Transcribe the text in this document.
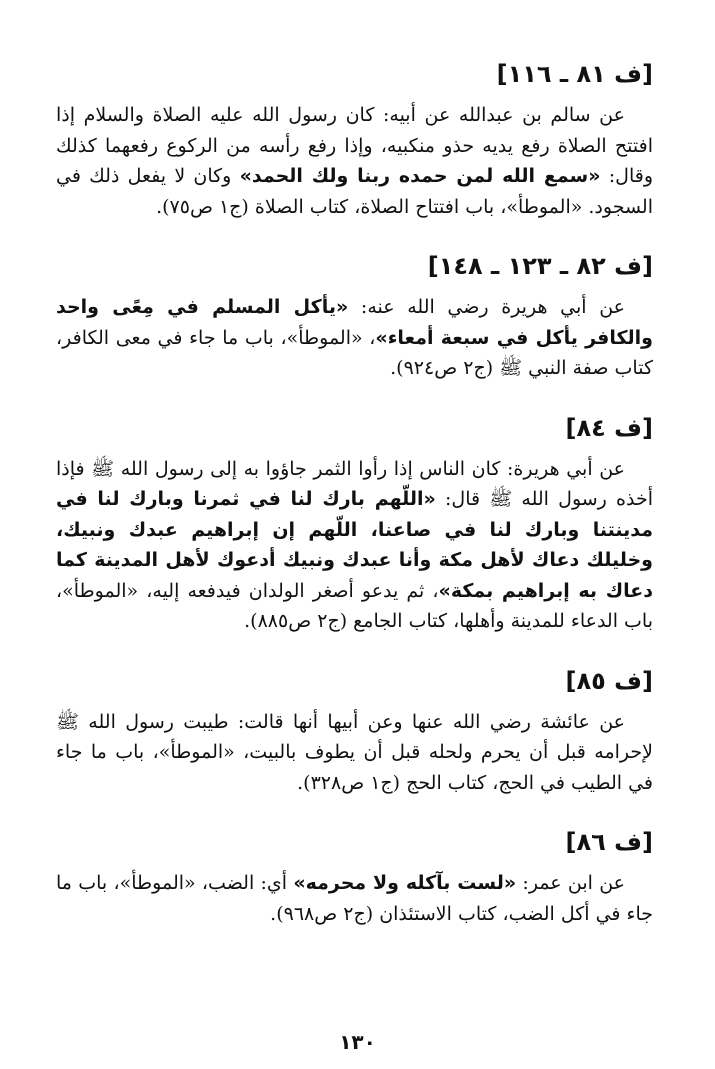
[ف ٨١ ـ ١١٦]

عن سالم بن عبدالله عن أبيه: كان رسول الله عليه الصلاة والسلام إذا افتتح الصلاة رفع يديه حذو منكبيه، وإذا رفع رأسه من الركوع رفعهما كذلك وقال: «سمع الله لمن حمده ربنا ولك الحمد» وكان لا يفعل ذلك في السجود. «الموطأ»، باب افتتاح الصلاة، كتاب الصلاة (ج١ ص٧٥).

[ف ٨٢ ـ ١٢٣ ـ ١٤٨]

عن أبي هريرة رضي الله عنه: «يأكل المسلم في مِعًى واحد والكافر يأكل في سبعة أمعاء»، «الموطأ»، باب ما جاء في معى الكافر، كتاب صفة النبي ﷺ (ج٢ ص٩٢٤).

[ف ٨٤]

عن أبي هريرة: كان الناس إذا رأوا الثمر جاؤوا به إلى رسول الله ﷺ فإذا أخذه رسول الله ﷺ قال: «اللّهم بارك لنا في ثمرنا وبارك لنا في مدينتنا وبارك لنا في صاعنا، اللّهم إن إبراهيم عبدك ونبيك، وخليلك دعاك لأهل مكة وأنا عبدك ونبيك أدعوك لأهل المدينة كما دعاك به إبراهيم بمكة»، ثم يدعو أصغر الولدان فيدفعه إليه، «الموطأ»، باب الدعاء للمدينة وأهلها، كتاب الجامع (ج٢ ص٨٨٥).

[ف ٨٥]

عن عائشة رضي الله عنها وعن أبيها أنها قالت: طيبت رسول الله ﷺ لإحرامه قبل أن يحرم ولحله قبل أن يطوف بالبيت، «الموطأ»، باب ما جاء في الطيب في الحج، كتاب الحج (ج١ ص٣٢٨).

[ف ٨٦]

عن ابن عمر: «لست بآكله ولا محرمه» أي: الضب، «الموطأ»، باب ما جاء في أكل الضب، كتاب الاستئذان (ج٢ ص٩٦٨).

١٣٠
